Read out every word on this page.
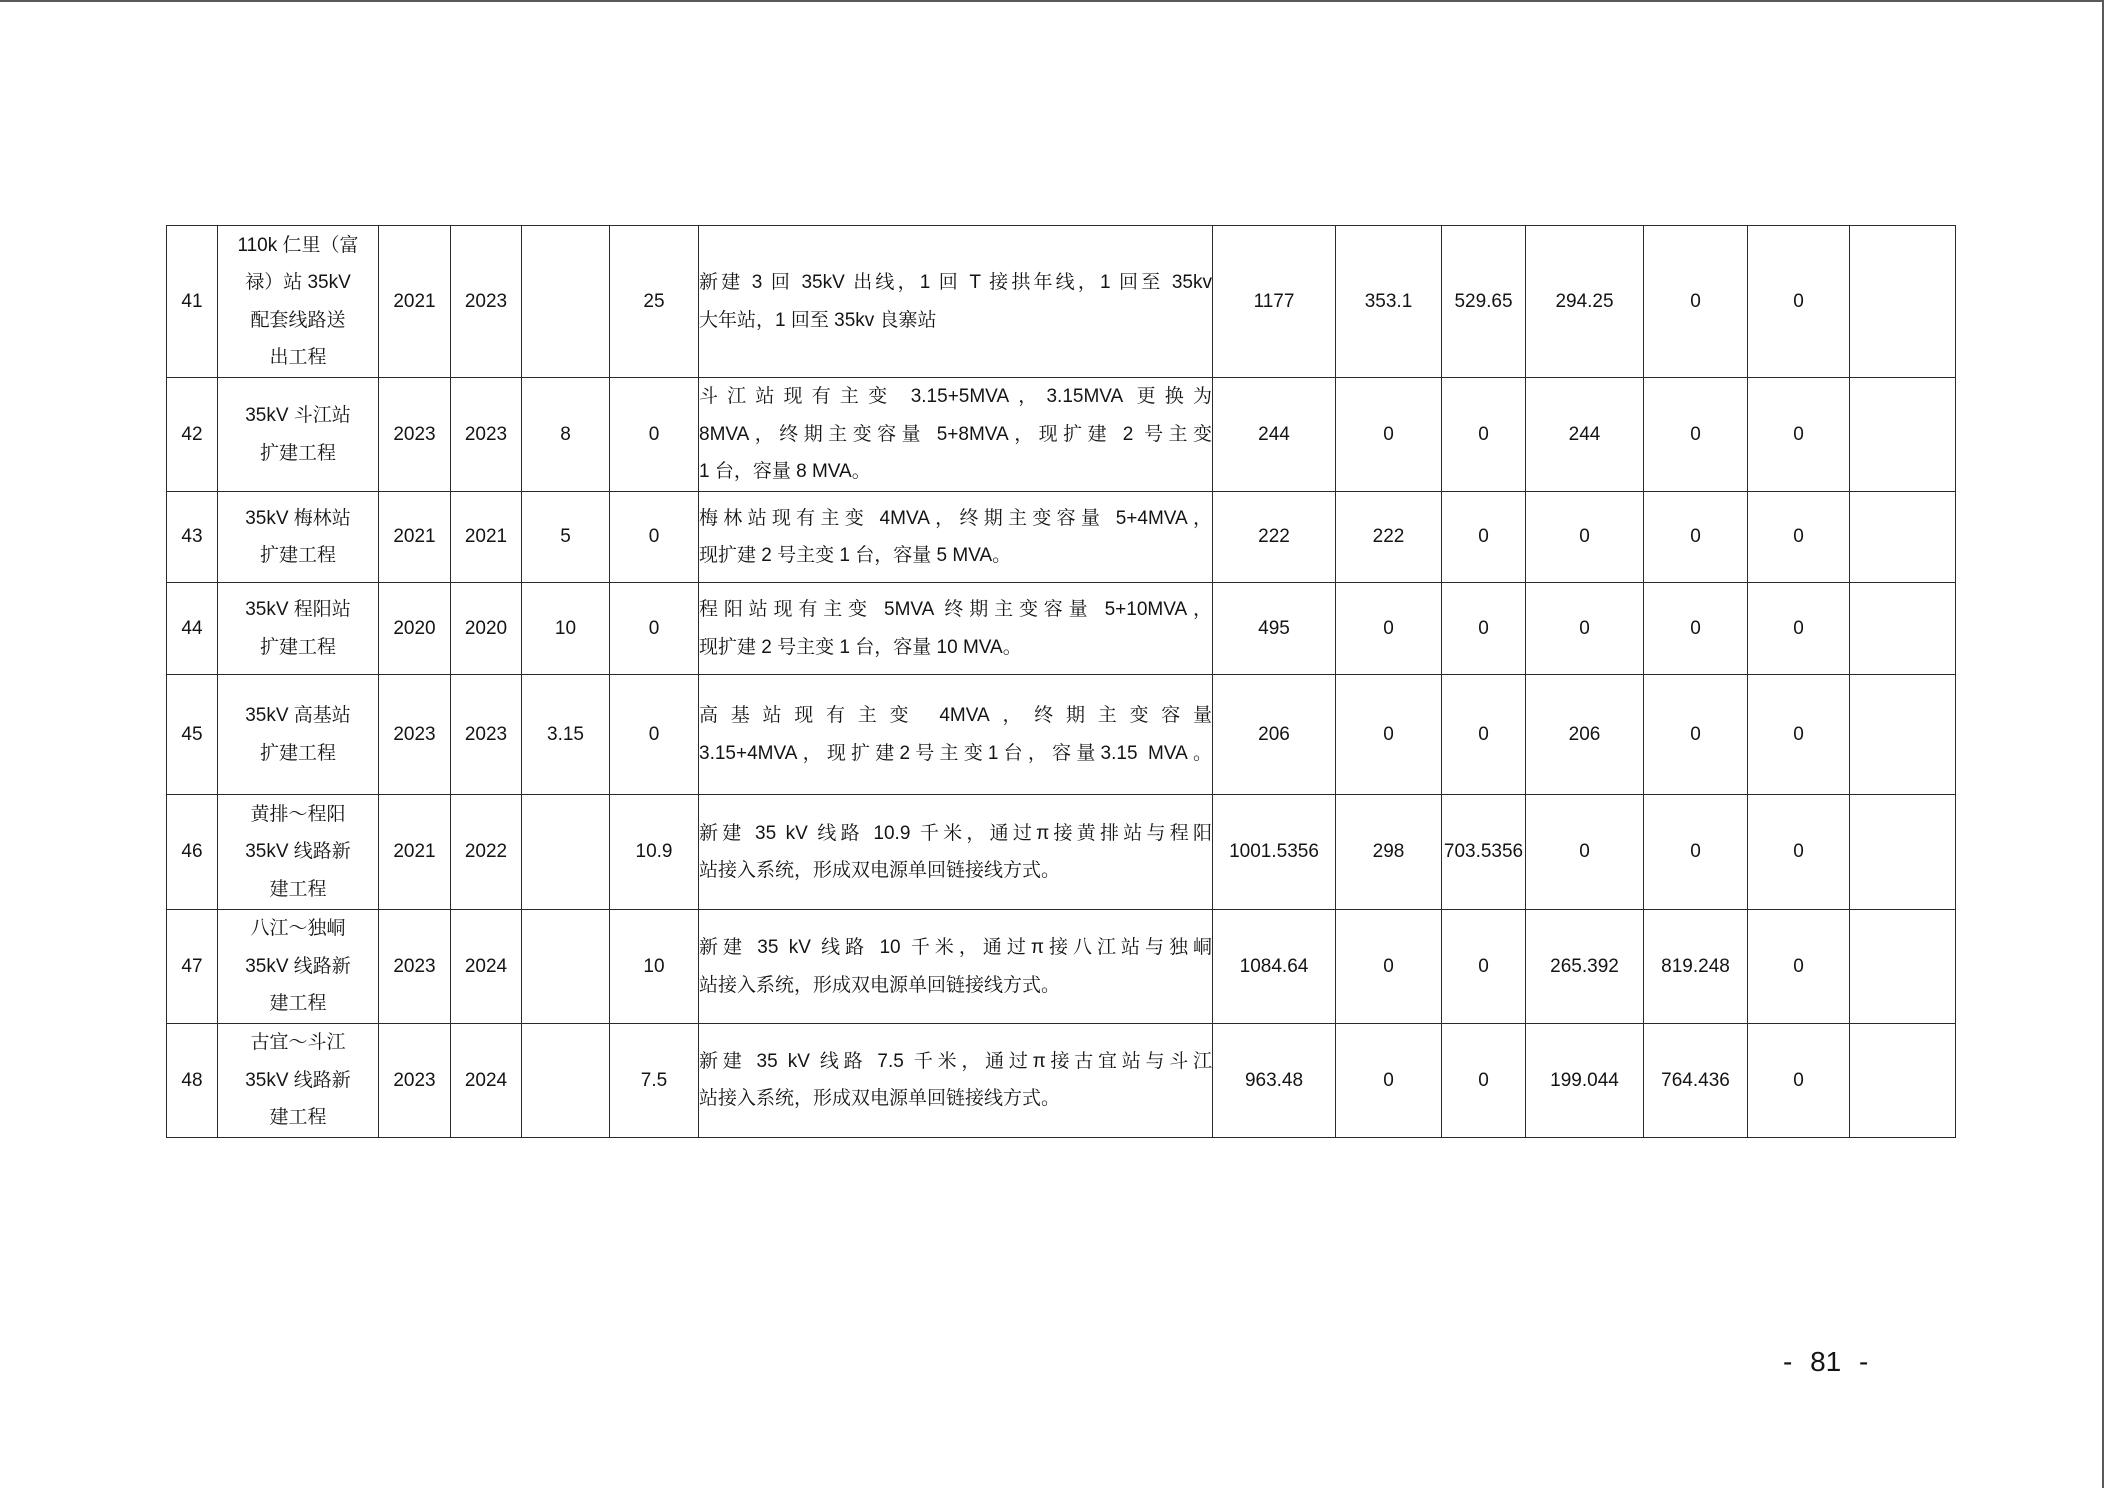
41	110k 仁里（富
禄）站 35kV
配套线路送
出工程	2021	2023		25	新建 3 回 35kV 出线，1 回 T 接拱年线，1 回至 35kv
大年站，1 回至 35kv 良寨站	1177	353.1	529.65	294.25	0	0	
42	35kV 斗江站
扩建工程	2023	2023	8	0	斗江站现有主变 3.15+5MVA，3.15MVA 更换为
8MVA，终期主变容量 5+8MVA，现扩建 2 号主变
1 台，容量 8 MVA。	244	0	0	244	0	0	
43	35kV 梅林站
扩建工程	2021	2021	5	0	梅林站现有主变 4MVA，终期主变容量 5+4MVA，
现扩建 2 号主变 1 台，容量 5 MVA。	222	222	0	0	0	0	
44	35kV 程阳站
扩建工程	2020	2020	10	0	程阳站现有主变 5MVA 终期主变容量 5+10MVA，
现扩建 2 号主变 1 台，容量 10 MVA。	495	0	0	0	0	0	
45	35kV 高基站
扩建工程	2023	2023	3.15	0	高基站现有主变 4MVA，终期主变容量
3.15+4MVA，现扩建2号主变1台，容量3.15 MVA。	206	0	0	206	0	0	
46	黄排～程阳
35kV 线路新
建工程	2021	2022		10.9	新建 35 kV 线路 10.9 千米，通过π接黄排站与程阳
站接入系统，形成双电源单回链接线方式。	1001.5356	298	703.5356	0	0	0	
47	八江～独峒
35kV 线路新
建工程	2023	2024		10	新建 35 kV 线路 10 千米，通过π接八江站与独峒
站接入系统，形成双电源单回链接线方式。	1084.64	0	0	265.392	819.248	0	
48	古宜～斗江
35kV 线路新
建工程	2023	2024		7.5	新建 35 kV 线路 7.5 千米，通过π接古宜站与斗江
站接入系统，形成双电源单回链接线方式。	963.48	0	0	199.044	764.436	0	
- 81 -
